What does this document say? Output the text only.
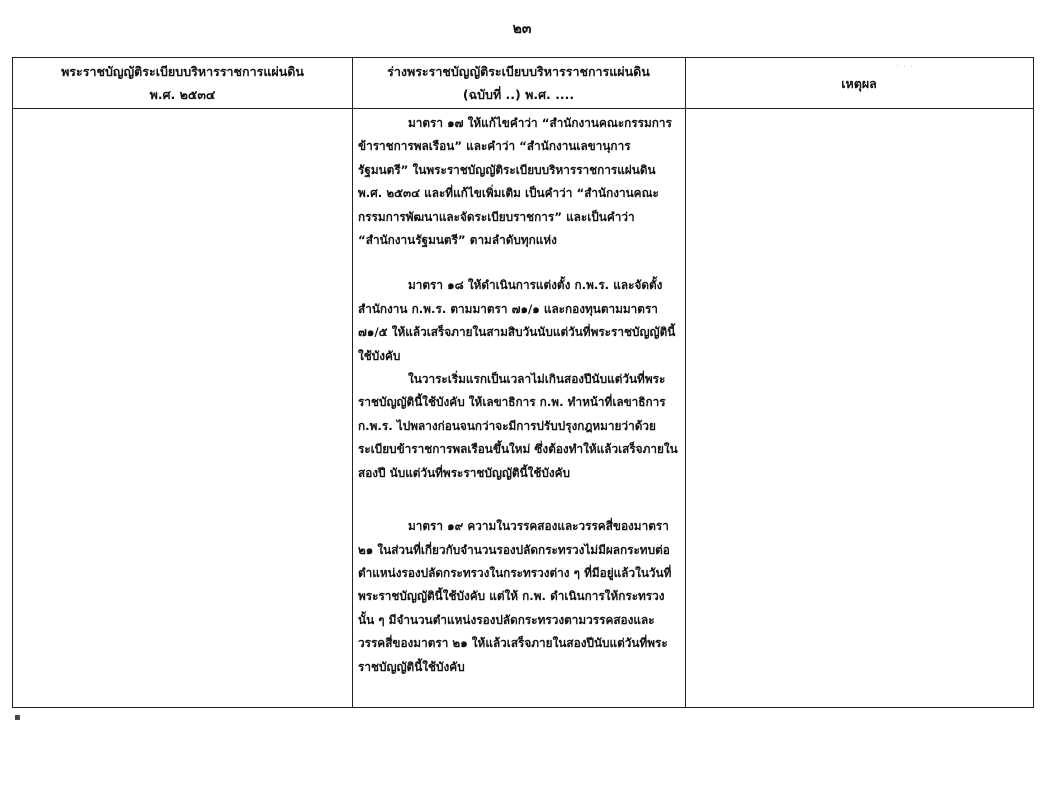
๒๓
พระราชบัญญัติระเบียบบริหารราชการแผ่นดิน
พ.ศ. ๒๕๓๔
ร่างพระราชบัญญัติระเบียบบริหารราชการแผ่นดิน
(ฉบับที่ ..) พ.ศ. ....

มาตรา ๑๗ ให้แก้ไขคำว่า “สำนักงานคณะกรรมการข้าราชการพลเรือน” และคำว่า “สำนักงานเลขานุการรัฐมนตรี” ในพระราชบัญญัติระเบียบบริหารราชการแผ่นดิน พ.ศ. ๒๕๓๔ และที่แก้ไขเพิ่มเติม เป็นคำว่า “สำนักงานคณะกรรมการพัฒนาและจัดระเบียบราชการ” และเป็นคำว่า “สำนักงานรัฐมนตรี” ตามลำดับทุกแห่ง

มาตรา ๑๘ ให้ดำเนินการแต่งตั้ง ก.พ.ร. และจัดตั้งสำนักงาน ก.พ.ร. ตามมาตรา ๗๑/๑ และกองทุนตามมาตรา ๗๑/๕ ให้แล้วเสร็จภายในสามสิบวันนับแต่วันที่พระราชบัญญัตินี้ใช้บังคับ

ในวาระเริ่มแรกเป็นเวลาไม่เกินสองปีนับแต่วันที่พระราชบัญญัตินี้ใช้บังคับ ให้เลขาธิการ ก.พ. ทำหน้าที่เลขาธิการ ก.พ.ร. ไปพลางก่อนจนกว่าจะมีการปรับปรุงกฎหมายว่าด้วยระเบียบข้าราชการพลเรือนขึ้นใหม่ ซึ่งต้องทำให้แล้วเสร็จภายในสองปี นับแต่วันที่พระราชบัญญัตินี้ใช้บังคับ

มาตรา ๑๙ ความในวรรคสองและวรรคสี่ของมาตรา ๒๑ ในส่วนที่เกี่ยวกับจำนวนรองปลัดกระทรวงไม่มีผลกระทบต่อตำแหน่งรองปลัดกระทรวงในกระทรวงต่าง ๆ ที่มีอยู่แล้วในวันที่พระราชบัญญัตินี้ใช้บังคับ แต่ให้ ก.พ. ดำเนินการให้กระทรวงนั้น ๆ มีจำนวนตำแหน่งรองปลัดกระทรวงตามวรรคสองและวรรคสี่ของมาตรา ๒๑ ให้แล้วเสร็จภายในสองปีนับแต่วันที่พระราชบัญญัตินี้ใช้บังคับ

เหตุผล
· · ·
▪
